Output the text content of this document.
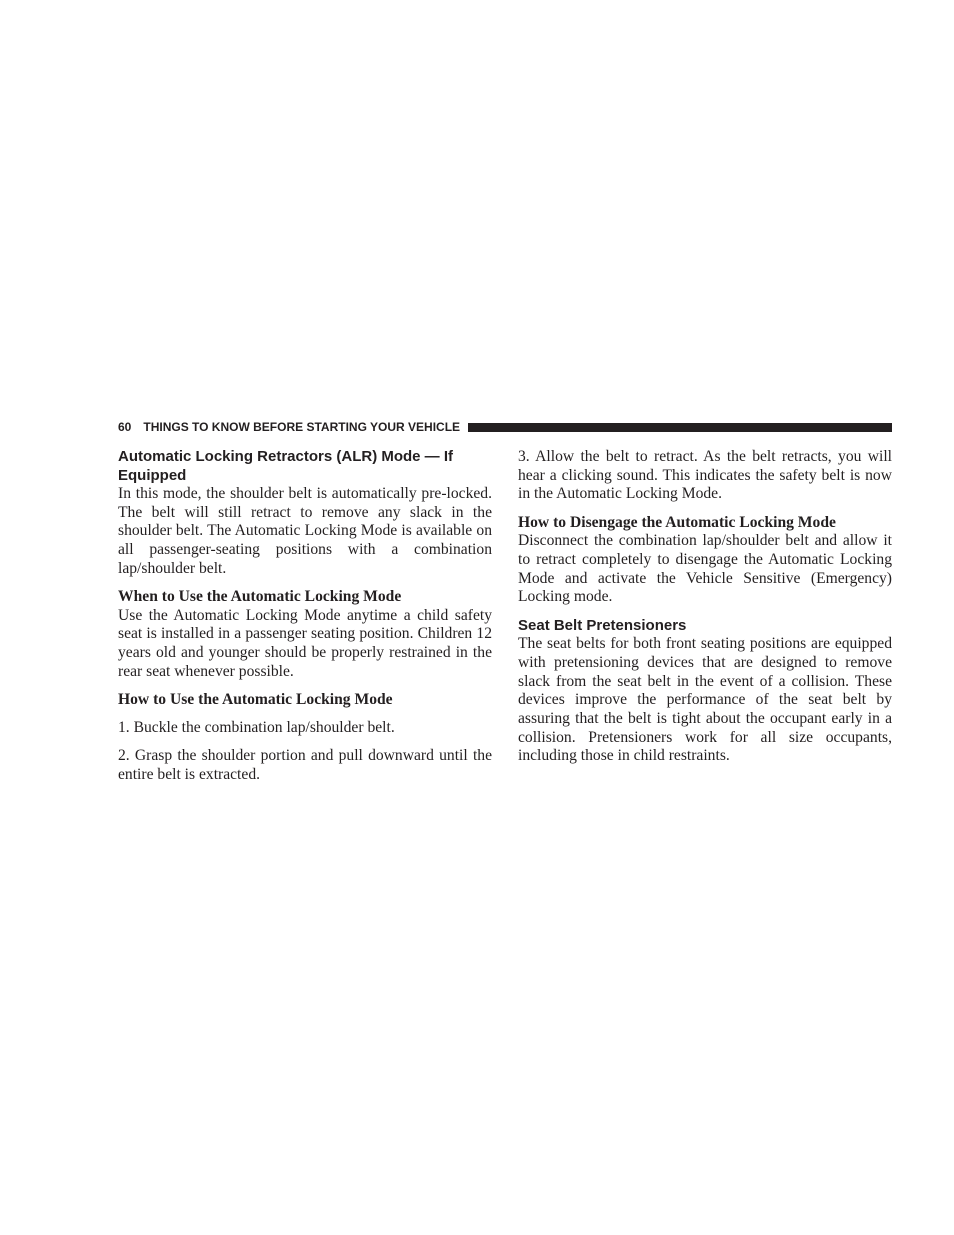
60 THINGS TO KNOW BEFORE STARTING YOUR VEHICLE
Automatic Locking Retractors (ALR) Mode — If Equipped

In this mode, the shoulder belt is automatically pre-locked. The belt will still retract to remove any slack in the shoulder belt. The Automatic Locking Mode is available on all passenger-seating positions with a combination lap/shoulder belt.

When to Use the Automatic Locking Mode

Use the Automatic Locking Mode anytime a child safety seat is installed in a passenger seating position. Children 12 years old and younger should be properly restrained in the rear seat whenever possible.

How to Use the Automatic Locking Mode

1. Buckle the combination lap/shoulder belt.

2. Grasp the shoulder portion and pull downward until the entire belt is extracted.

3. Allow the belt to retract. As the belt retracts, you will hear a clicking sound. This indicates the safety belt is now in the Automatic Locking Mode.

How to Disengage the Automatic Locking Mode

Disconnect the combination lap/shoulder belt and allow it to retract completely to disengage the Automatic Locking Mode and activate the Vehicle Sensitive (Emergency) Locking mode.

Seat Belt Pretensioners

The seat belts for both front seating positions are equipped with pretensioning devices that are designed to remove slack from the seat belt in the event of a collision. These devices improve the performance of the seat belt by assuring that the belt is tight about the occupant early in a collision. Pretensioners work for all size occupants, including those in child restraints.
